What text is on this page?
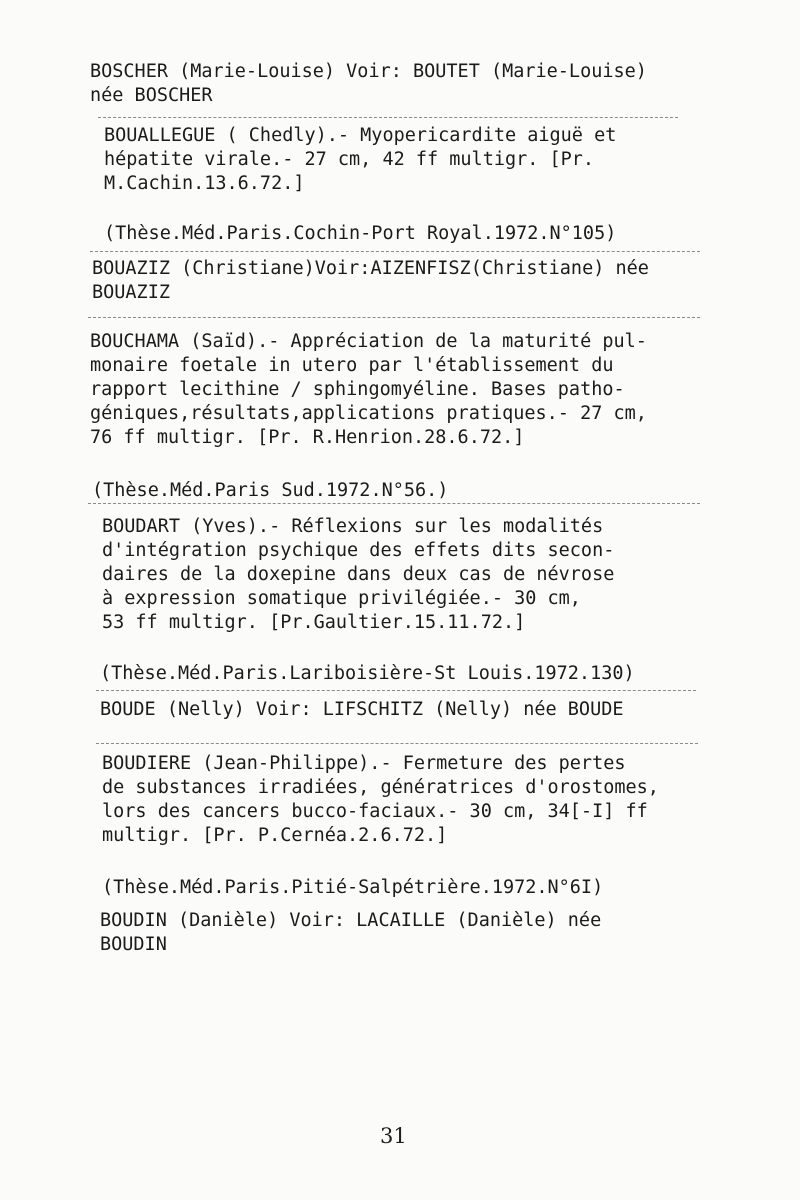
BOSCHER (Marie-Louise) Voir: BOUTET (Marie-Louise)
née BOSCHER
BOUALLEGUE ( Chedly).- Myopericardite aiguë et
hépatite virale.- 27 cm, 42 ff multigr. [Pr.
M.Cachin.13.6.72.]
(Thèse.Méd.Paris.Cochin-Port Royal.1972.N°105)
BOUAZIZ (Christiane)Voir:AIZENFISZ(Christiane) née
BOUAZIZ
BOUCHAMA (Saïd).- Appréciation de la maturité pul-
monaire foetale in utero par l'établissement du
rapport lecithine / sphingomyéline. Bases patho-
géniques,résultats,applications pratiques.- 27 cm,
76 ff multigr. [Pr. R.Henrion.28.6.72.]
(Thèse.Méd.Paris Sud.1972.N°56.)
BOUDART (Yves).- Réflexions sur les modalités
d'intégration psychique des effets dits secon-
daires de la doxepine dans deux cas de névrose
à expression somatique privilégiée.- 30 cm,
53 ff multigr. [Pr.Gaultier.15.11.72.]
(Thèse.Méd.Paris.Lariboisière-St Louis.1972.130)
BOUDE (Nelly) Voir: LIFSCHITZ (Nelly) née BOUDE
BOUDIERE (Jean-Philippe).- Fermeture des pertes
de substances irradiées, génératrices d'orostomes,
lors des cancers bucco-faciaux.- 30 cm, 34[-I] ff
multigr. [Pr. P.Cernéa.2.6.72.]
(Thèse.Méd.Paris.Pitié-Salpétrière.1972.N°6I)
BOUDIN (Danièle) Voir: LACAILLE (Danièle) née
BOUDIN
31
